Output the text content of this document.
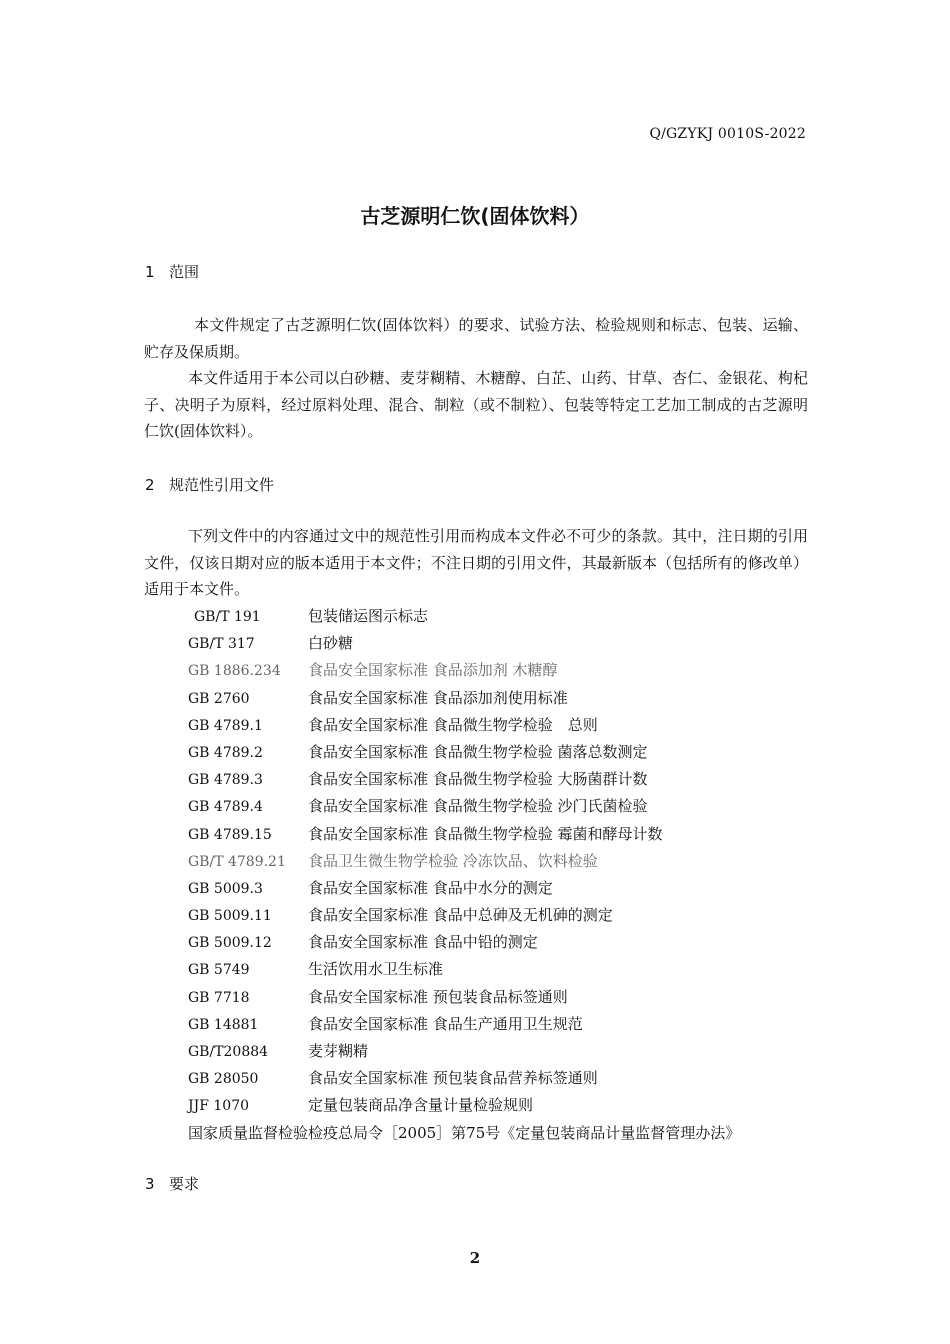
Q/GZYKJ 0010S-2022
古芝源明仁饮(固体饮料）
1 范围

本文件规定了古芝源明仁饮(固体饮料）的要求、试验方法、检验规则和标志、包装、运输、贮存及保质期。

本文件适用于本公司以白砂糖、麦芽糊精、木糖醇、白芷、山药、甘草、杏仁、金银花、枸杞子、决明子为原料，经过原料处理、混合、制粒（或不制粒）、包装等特定工艺加工制成的古芝源明仁饮(固体饮料）。

2 规范性引用文件

下列文件中的内容通过文中的规范性引用而构成本文件必不可少的条款。其中，注日期的引用文件，仅该日期对应的版本适用于本文件；不注日期的引用文件，其最新版本（包括所有的修改单）适用于本文件。

GB/T 191	包装储运图示标志
GB/T 317	白砂糖
GB 1886.234 食品安全国家标准 食品添加剂 木糖醇
GB 2760	食品安全国家标准 食品添加剂使用标准
GB 4789.1	食品安全国家标准 食品微生物学检验　总则
GB 4789.2	食品安全国家标准 食品微生物学检验 菌落总数测定
GB 4789.3	食品安全国家标准 食品微生物学检验 大肠菌群计数
GB 4789.4	食品安全国家标准 食品微生物学检验 沙门氏菌检验
GB 4789.15 食品安全国家标准 食品微生物学检验 霉菌和酵母计数
GB/T 4789.21 食品卫生微生物学检验 冷冻饮品、饮料检验
GB 5009.3	食品安全国家标准 食品中水分的测定
GB 5009.11 食品安全国家标准 食品中总砷及无机砷的测定
GB 5009.12 食品安全国家标准 食品中铅的测定
GB 5749	生活饮用水卫生标准
GB 7718	食品安全国家标准 预包装食品标签通则
GB 14881	食品安全国家标准 食品生产通用卫生规范
GB/T20884	麦芽糊精
GB 28050	食品安全国家标准 预包装食品营养标签通则
JJF 1070	定量包装商品净含量计量检验规则
国家质量监督检验检疫总局令［2005］第75号《定量包装商品计量监督管理办法》
3 要求
2
